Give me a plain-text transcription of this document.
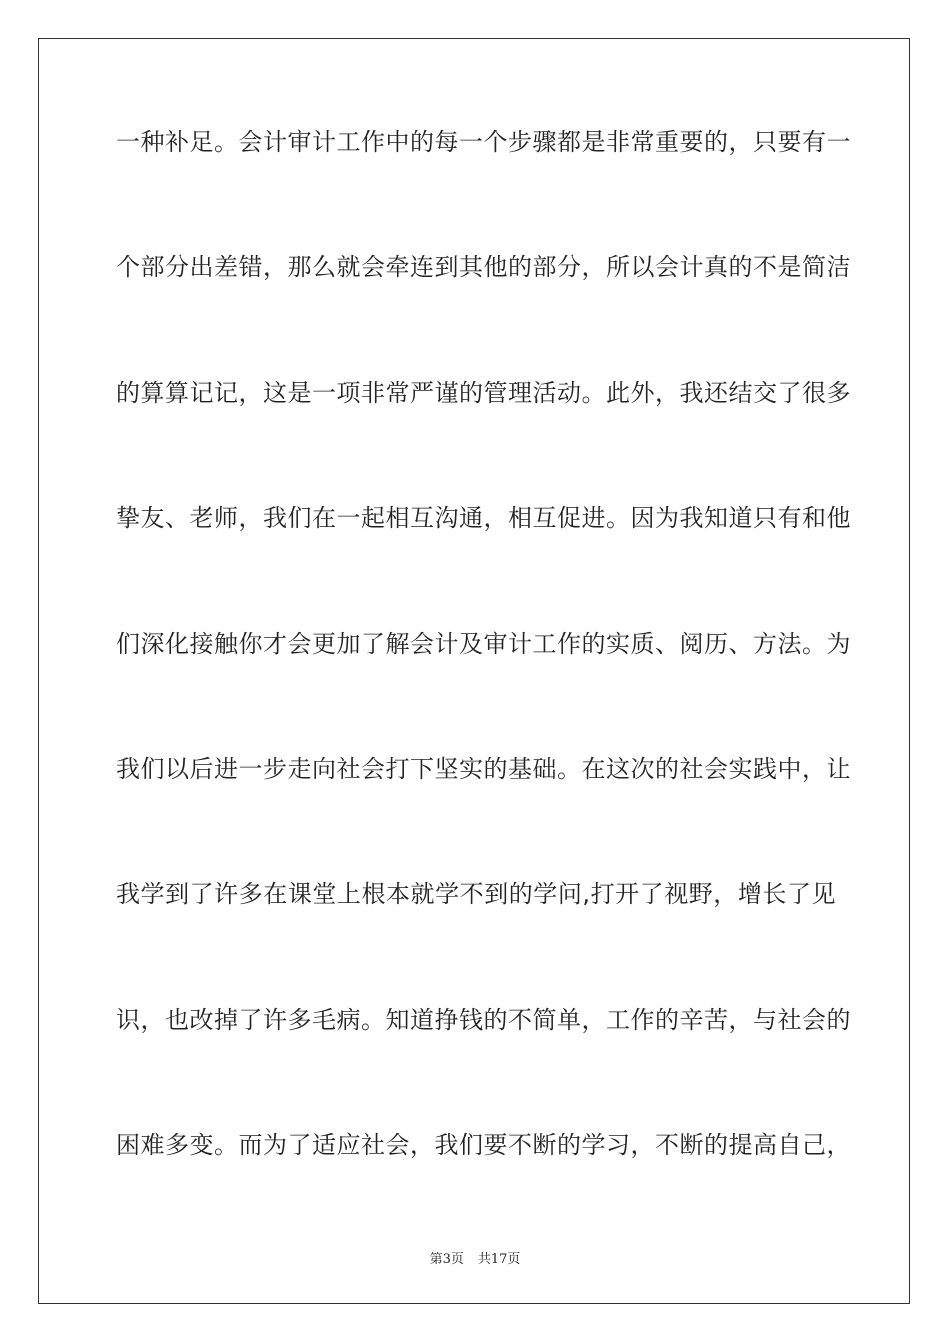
一种补足。会计审计工作中的每一个步骤都是非常重要的，只要有一
个部分出差错，那么就会牵连到其他的部分，所以会计真的不是简洁
的算算记记，这是一项非常严谨的管理活动。此外，我还结交了很多
挚友、老师，我们在一起相互沟通，相互促进。因为我知道只有和他
们深化接触你才会更加了解会计及审计工作的实质、阅历、方法。为
我们以后进一步走向社会打下坚实的基础。在这次的社会实践中，让
我学到了许多在课堂上根本就学不到的学问,打开了视野，增长了见
识，也改掉了许多毛病。知道挣钱的不简单，工作的辛苦，与社会的
困难多变。而为了适应社会，我们要不断的学习，不断的提高自己，
第3页 共17页
